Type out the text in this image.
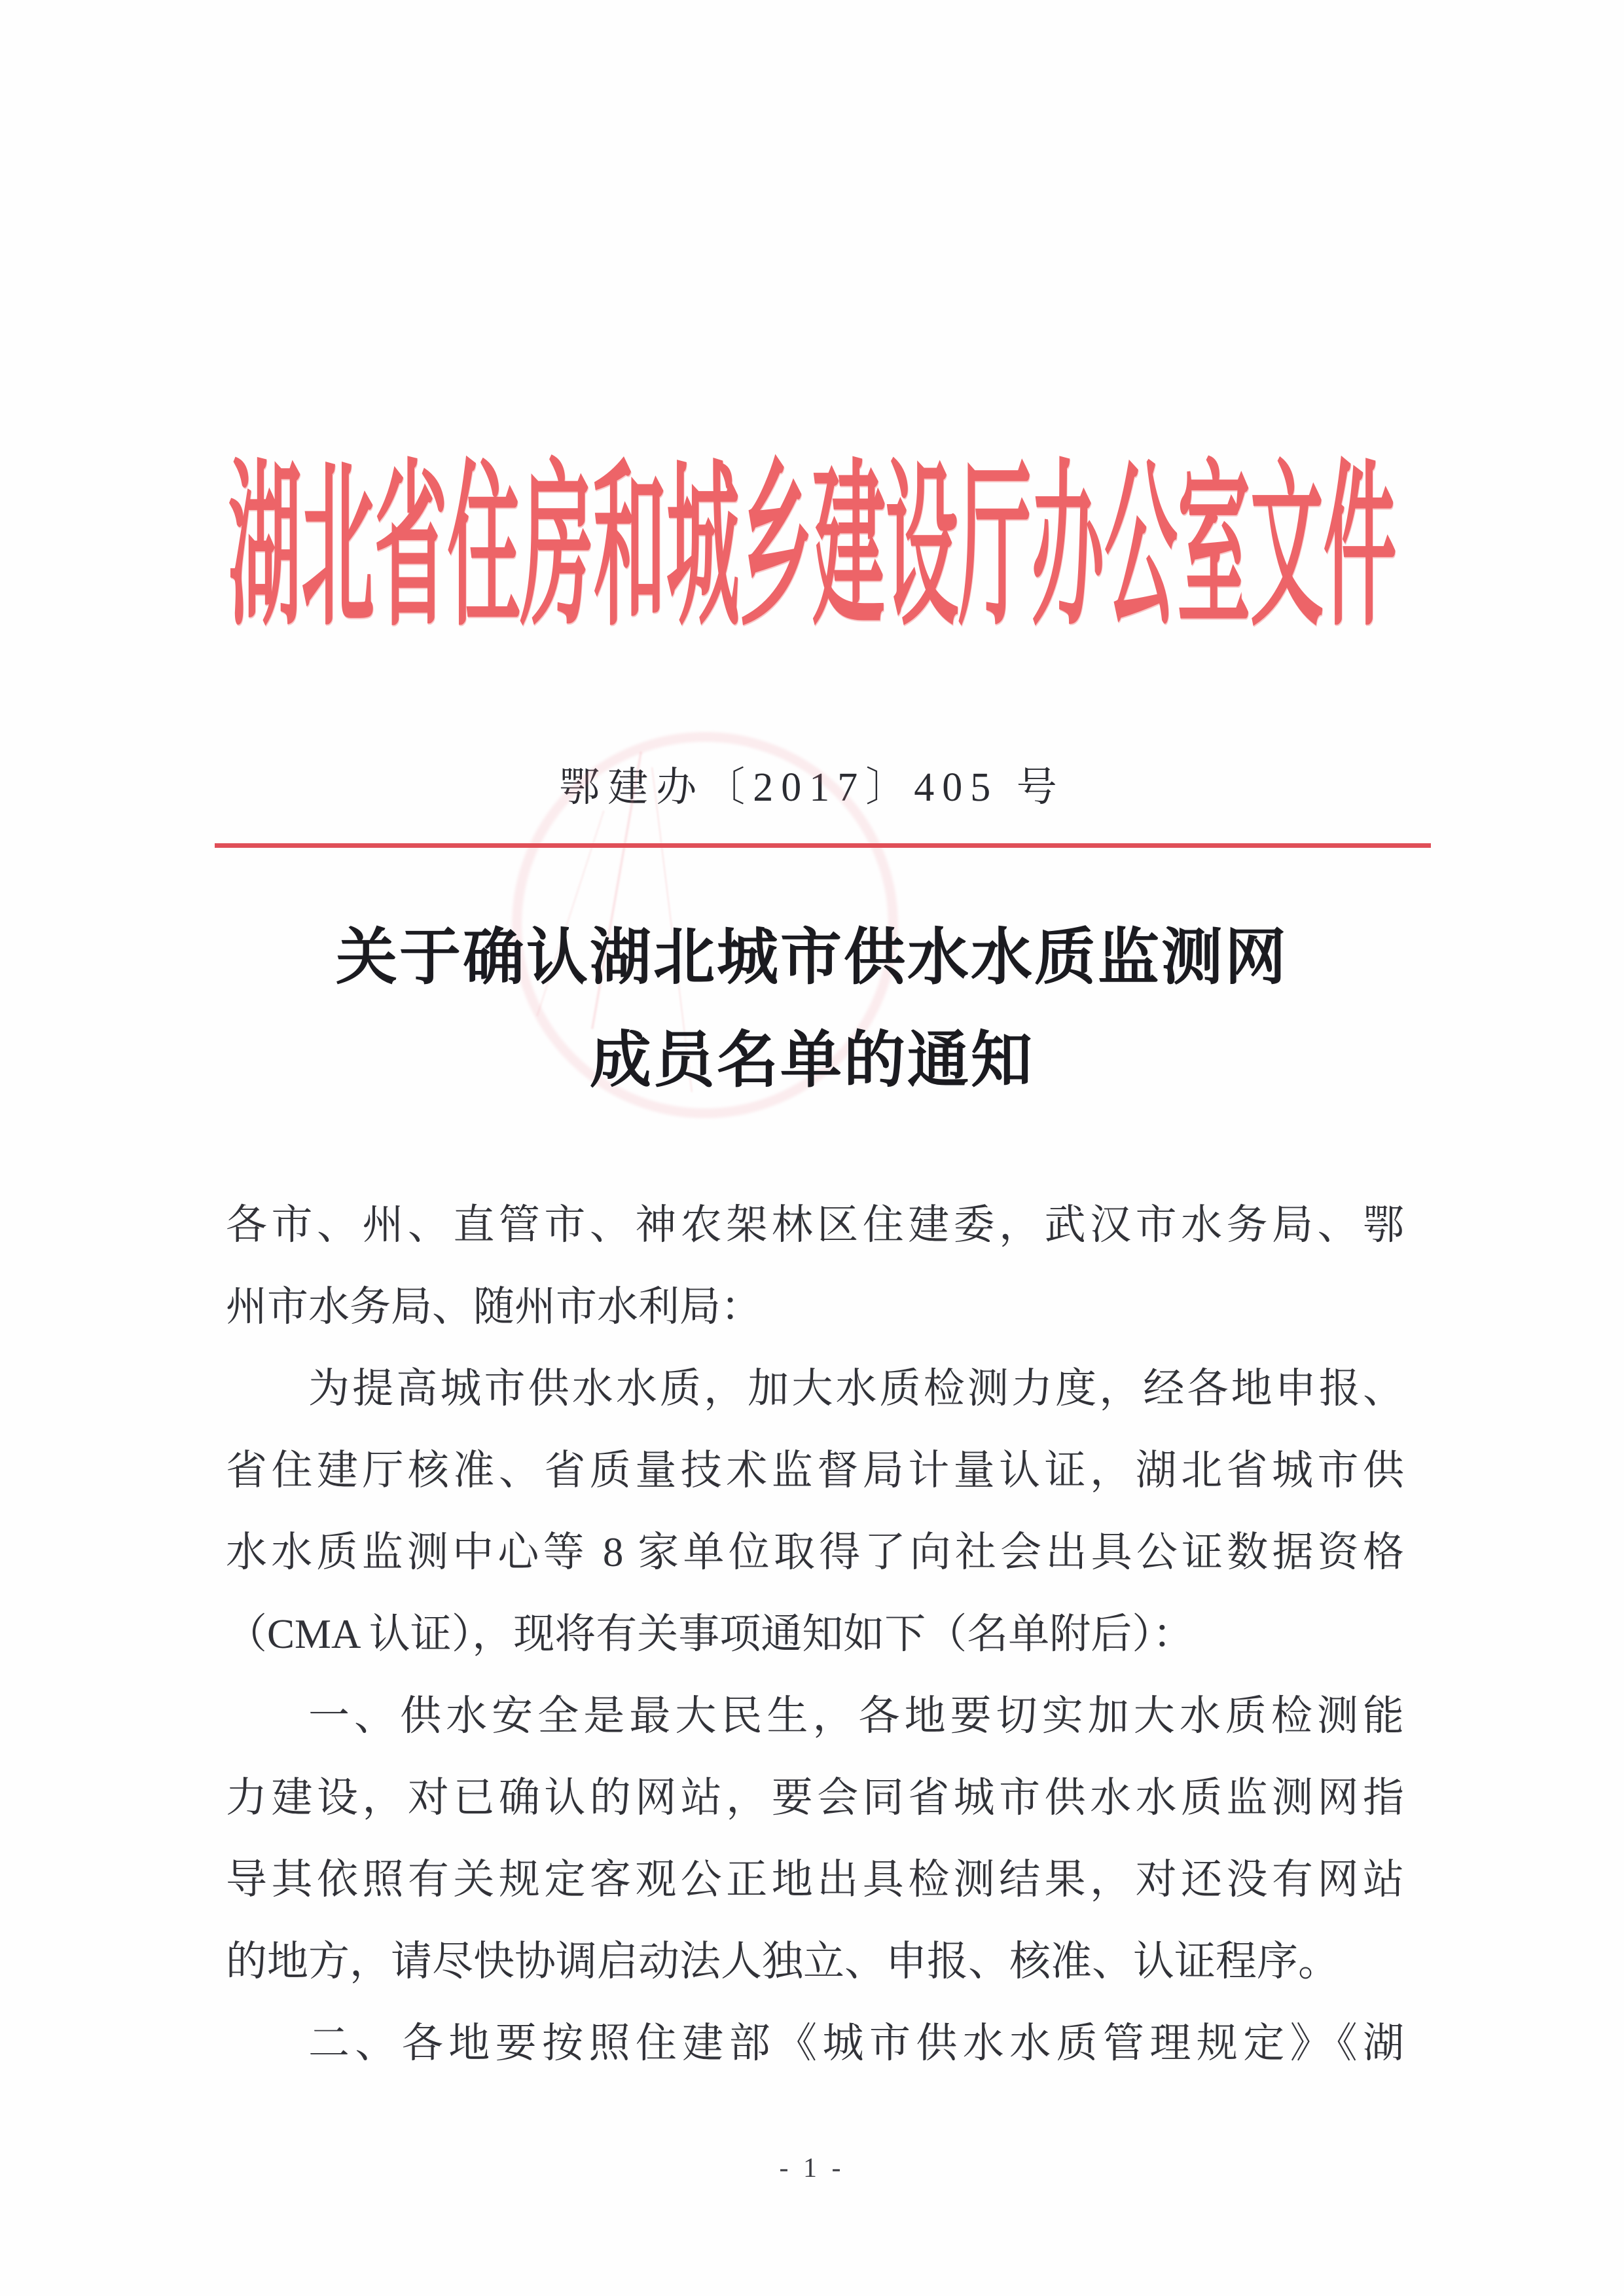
湖北省住房和城乡建设厅办公室文件
鄂建办〔2017〕405 号
关于确认湖北城市供水水质监测网
成员名单的通知
各市、州、直管市、神农架林区住建委，武汉市水务局、鄂
州市水务局、随州市水利局：
为提高城市供水水质，加大水质检测力度，经各地申报、
省住建厅核准、省质量技术监督局计量认证，湖北省城市供
水水质监测中心等 8 家单位取得了向社会出具公证数据资格
（CMA 认证），现将有关事项通知如下（名单附后）：
一、供水安全是最大民生，各地要切实加大水质检测能
力建设，对已确认的网站，要会同省城市供水水质监测网指
导其依照有关规定客观公正地出具检测结果，对还没有网站
的地方，请尽快协调启动法人独立、申报、核准、认证程序。
二、各地要按照住建部《城市供水水质管理规定》《湖
- 1 -
